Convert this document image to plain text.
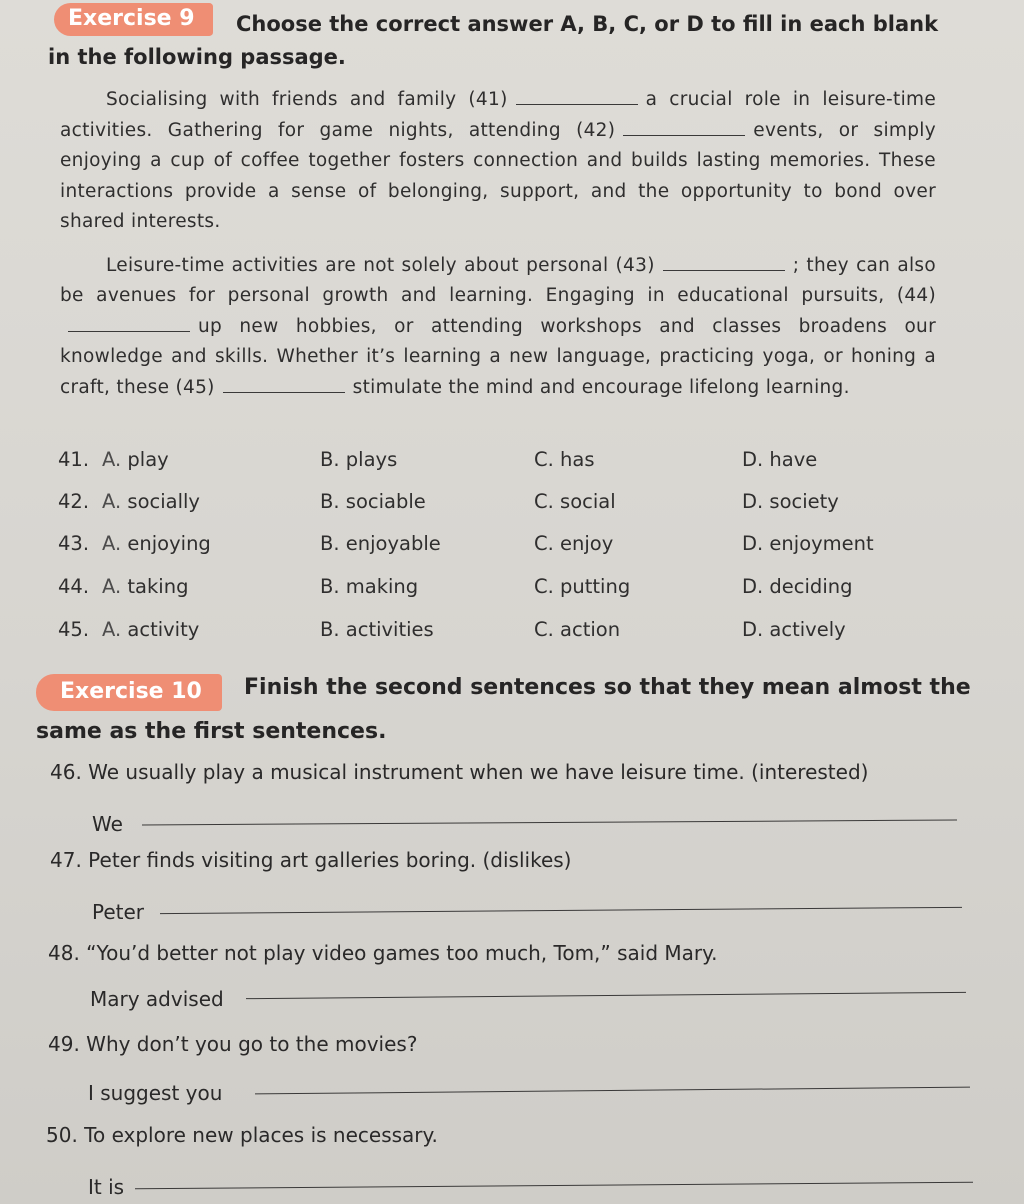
Exercise 9	Choose the correct answer A, B, C, or D to fill in each blank
in the following passage.

Socialising with friends and family (41)	a crucial role in leisure-time activities. Gathering for game nights, attending (42)	events, or simply enjoying a cup of coffee together fosters connection and builds lasting memories. These interactions provide a sense of belonging, support, and the opportunity to bond over shared interests.

Leisure-time activities are not solely about personal (43)	; they can also be avenues for personal growth and learning. Engaging in educational pursuits, (44)up new hobbies, or attending workshops and classes broadens our knowledge and skills. Whether it’s learning a new language, practicing yoga, or honing a craft, these (45)	stimulate the mind and encourage lifelong learning.

41. A. play	B. plays	C. has	D. have
42. A. socially	B. sociable	C. social	D. society
43. A. enjoying	B. enjoyable	C. enjoy	D. enjoyment
44. A. taking	B. making	C. putting	D. deciding
45. A. activity	B. activities	C. action	D. actively
Exercise 10	Finish the second sentences so that they mean almost the
same as the first sentences.
46. We usually play a musical instrument when we have leisure time. (interested)
We
47. Peter finds visiting art galleries boring. (dislikes)
Peter
48. “You’d better not play video games too much, Tom,” said Mary.
Mary advised
49. Why don’t you go to the movies?
I suggest you
50. To explore new places is necessary.
It is
